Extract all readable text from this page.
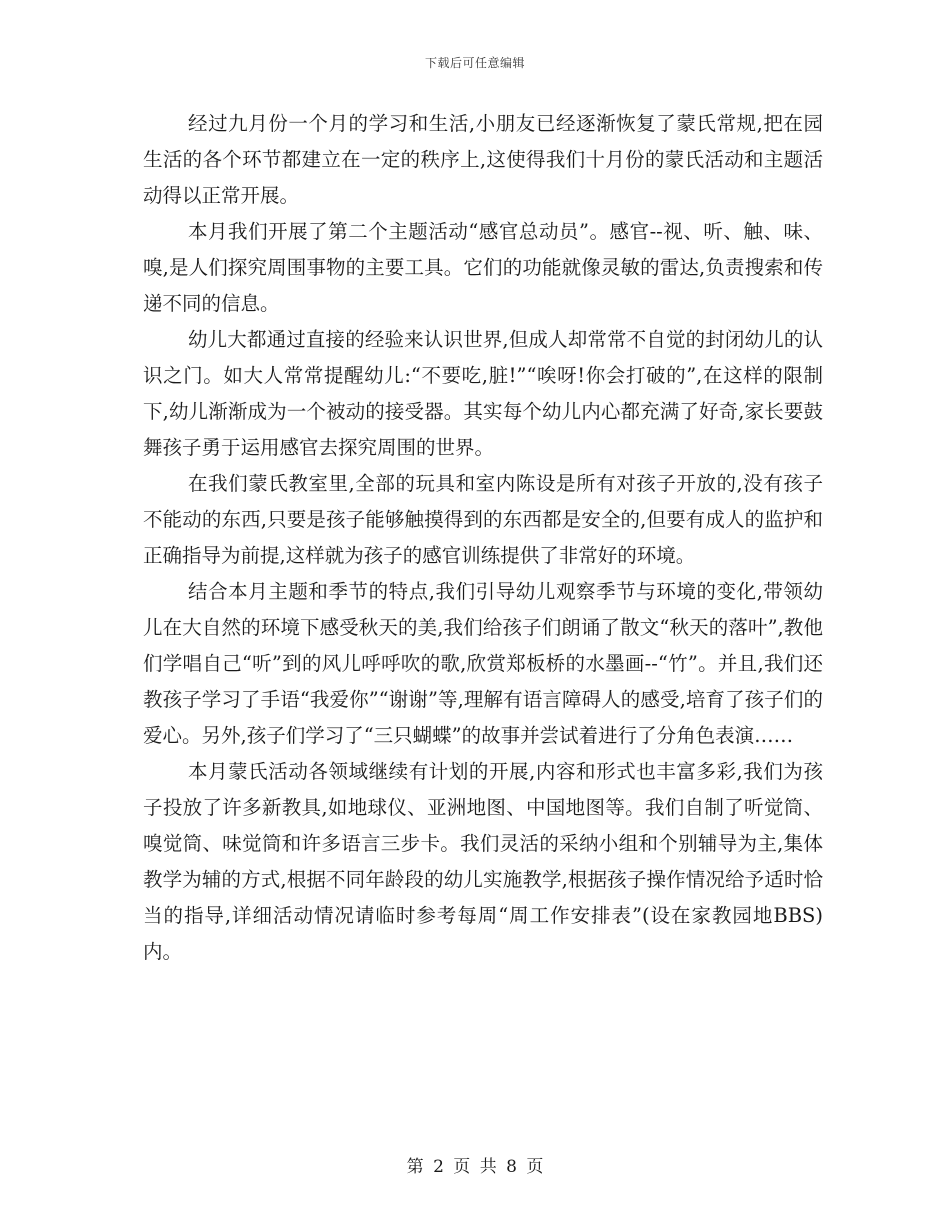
下载后可任意编辑

经过九月份一个月的学习和生活,小朋友已经逐渐恢复了蒙氏常规,把在园生活的各个环节都建立在一定的秩序上,这使得我们十月份的蒙氏活动和主题活动得以正常开展。

本月我们开展了第二个主题活动“感官总动员”。感官--视、听、触、味、嗅,是人们探究周围事物的主要工具。它们的功能就像灵敏的雷达,负责搜索和传递不同的信息。

幼儿大都通过直接的经验来认识世界,但成人却常常不自觉的封闭幼儿的认识之门。如大人常常提醒幼儿:“不要吃,脏!”“唉呀!你会打破的”,在这样的限制下,幼儿渐渐成为一个被动的接受器。其实每个幼儿内心都充满了好奇,家长要鼓舞孩子勇于运用感官去探究周围的世界。

在我们蒙氏教室里,全部的玩具和室内陈设是所有对孩子开放的,没有孩子不能动的东西,只要是孩子能够触摸得到的东西都是安全的,但要有成人的监护和正确指导为前提,这样就为孩子的感官训练提供了非常好的环境。

结合本月主题和季节的特点,我们引导幼儿观察季节与环境的变化,带领幼儿在大自然的环境下感受秋天的美,我们给孩子们朗诵了散文“秋天的落叶”,教他们学唱自己“听”到的风儿呼呼吹的歌,欣赏郑板桥的水墨画--“竹”。并且,我们还教孩子学习了手语“我爱你”“谢谢”等,理解有语言障碍人的感受,培育了孩子们的爱心。另外,孩子们学习了“三只蝴蝶”的故事并尝试着进行了分角色表演……

本月蒙氏活动各领域继续有计划的开展,内容和形式也丰富多彩,我们为孩子投放了许多新教具,如地球仪、亚洲地图、中国地图等。我们自制了听觉筒、嗅觉筒、味觉筒和许多语言三步卡。我们灵活的采纳小组和个别辅导为主,集体教学为辅的方式,根据不同年龄段的幼儿实施教学,根据孩子操作情况给予适时恰当的指导,详细活动情况请临时参考每周“周工作安排表”(设在家教园地BBS)内。

第 2 页 共 8 页
